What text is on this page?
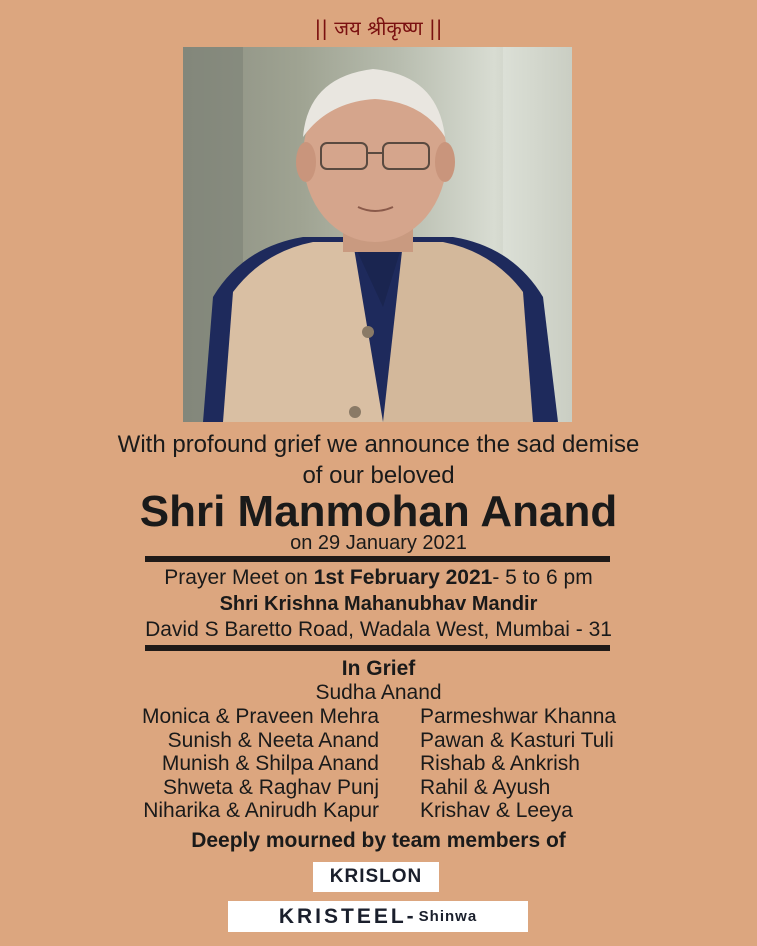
|| जय श्रीकृष्ण ||
With profound grief we announce the sad demise
of our beloved
Shri Manmohan Anand
on 29 January 2021
Prayer Meet on 1st February 2021- 5 to 6 pm
Shri Krishna Mahanubhav Mandir
David S Baretto Road, Wadala West, Mumbai - 31
In Grief
Sudha Anand
Monica & Praveen Mehra
Sunish & Neeta Anand
Munish & Shilpa Anand
Shweta & Raghav Punj
Niharika & Anirudh Kapur
Parmeshwar Khanna
Pawan & Kasturi Tuli
Rishab & Ankrish
Rahil & Ayush
Krishav & Leeya
Deeply mourned by team members of
KRISLON
KRISTEEL - Shinwa
